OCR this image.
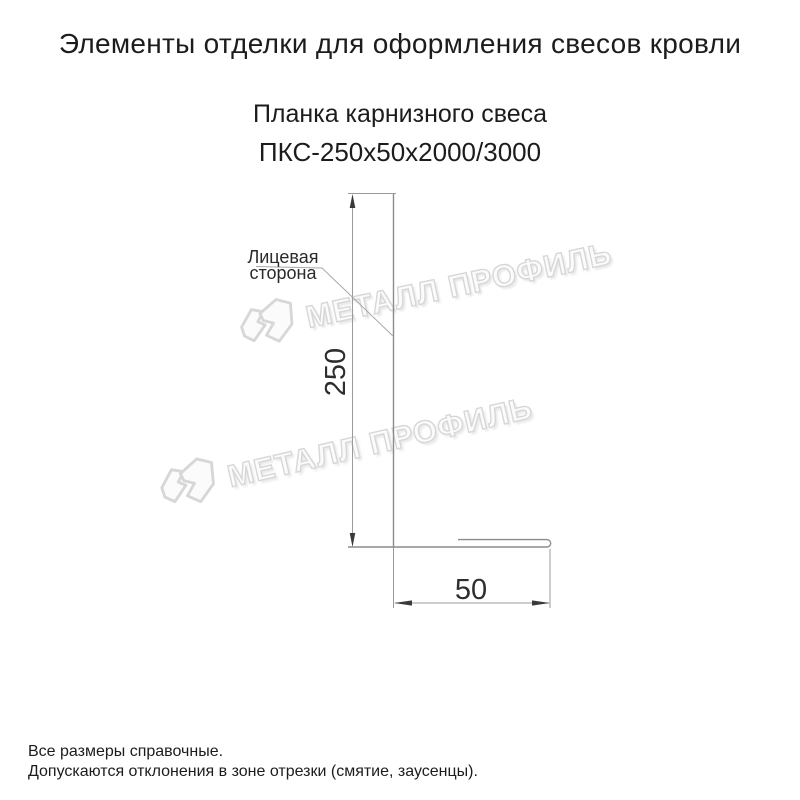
Элементы отделки для оформления свесов кровли
Планка карнизного свеса
ПКС-250х50х2000/3000
МЕТАЛЛ ПРОФИЛЬ
МЕТАЛЛ ПРОФИЛЬ
Лицевая
сторона
250
50
Все размеры справочные.
Допускаются отклонения в зоне отрезки (смятие, заусенцы).
